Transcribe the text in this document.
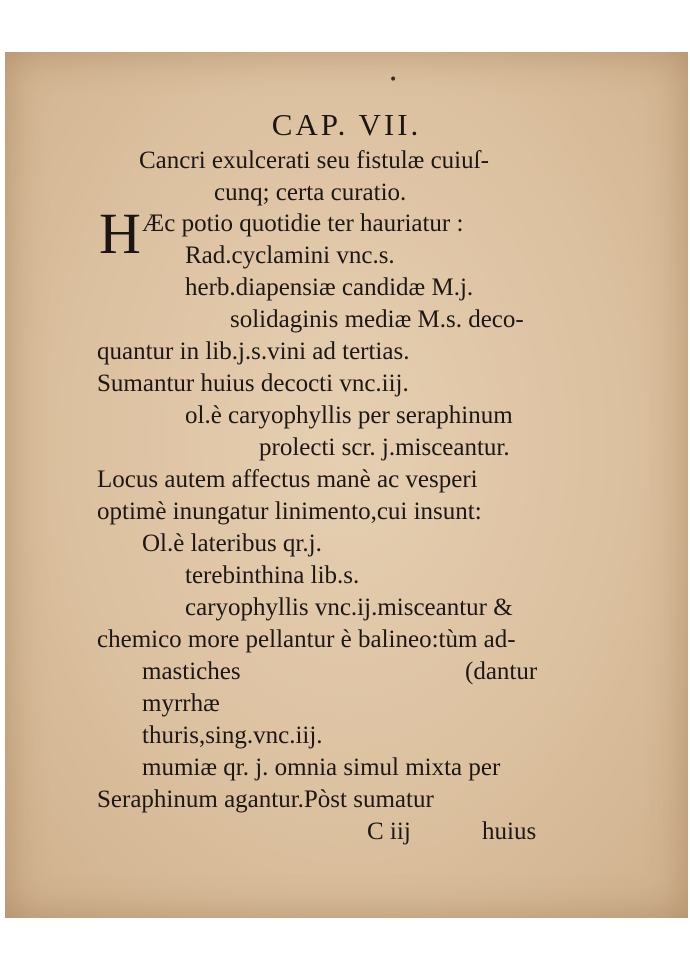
•
CAP. VII.
Cancri exulcerati seu fistulæ cuiuſ-
cunq; certa curatio.
H Æc potio quotidie ter hauriatur :
Rad.cyclamini vnc.s.
herb.diapensiæ candidæ M.j.
solidaginis mediæ M.s. deco-
quantur in lib.j.s.vini ad tertias.
Sumantur huius decocti vnc.iij.
ol.è caryophyllis per seraphinum
prolecti scr. j.misceantur.
Locus autem affectus manè ac vesperi
optimè inungatur linimento,cui insunt:
Ol.è lateribus qr.j.
terebinthina lib.s.
caryophyllis vnc.ij.misceantur &
chemico more pellantur è balineo:tùm ad-
mastiches	(dantur
myrrhæ
thuris,sing.vnc.iij.
mumiæ qr. j. omnia simul mixta per
Seraphinum agantur.Pòst sumatur
C iij	huius
